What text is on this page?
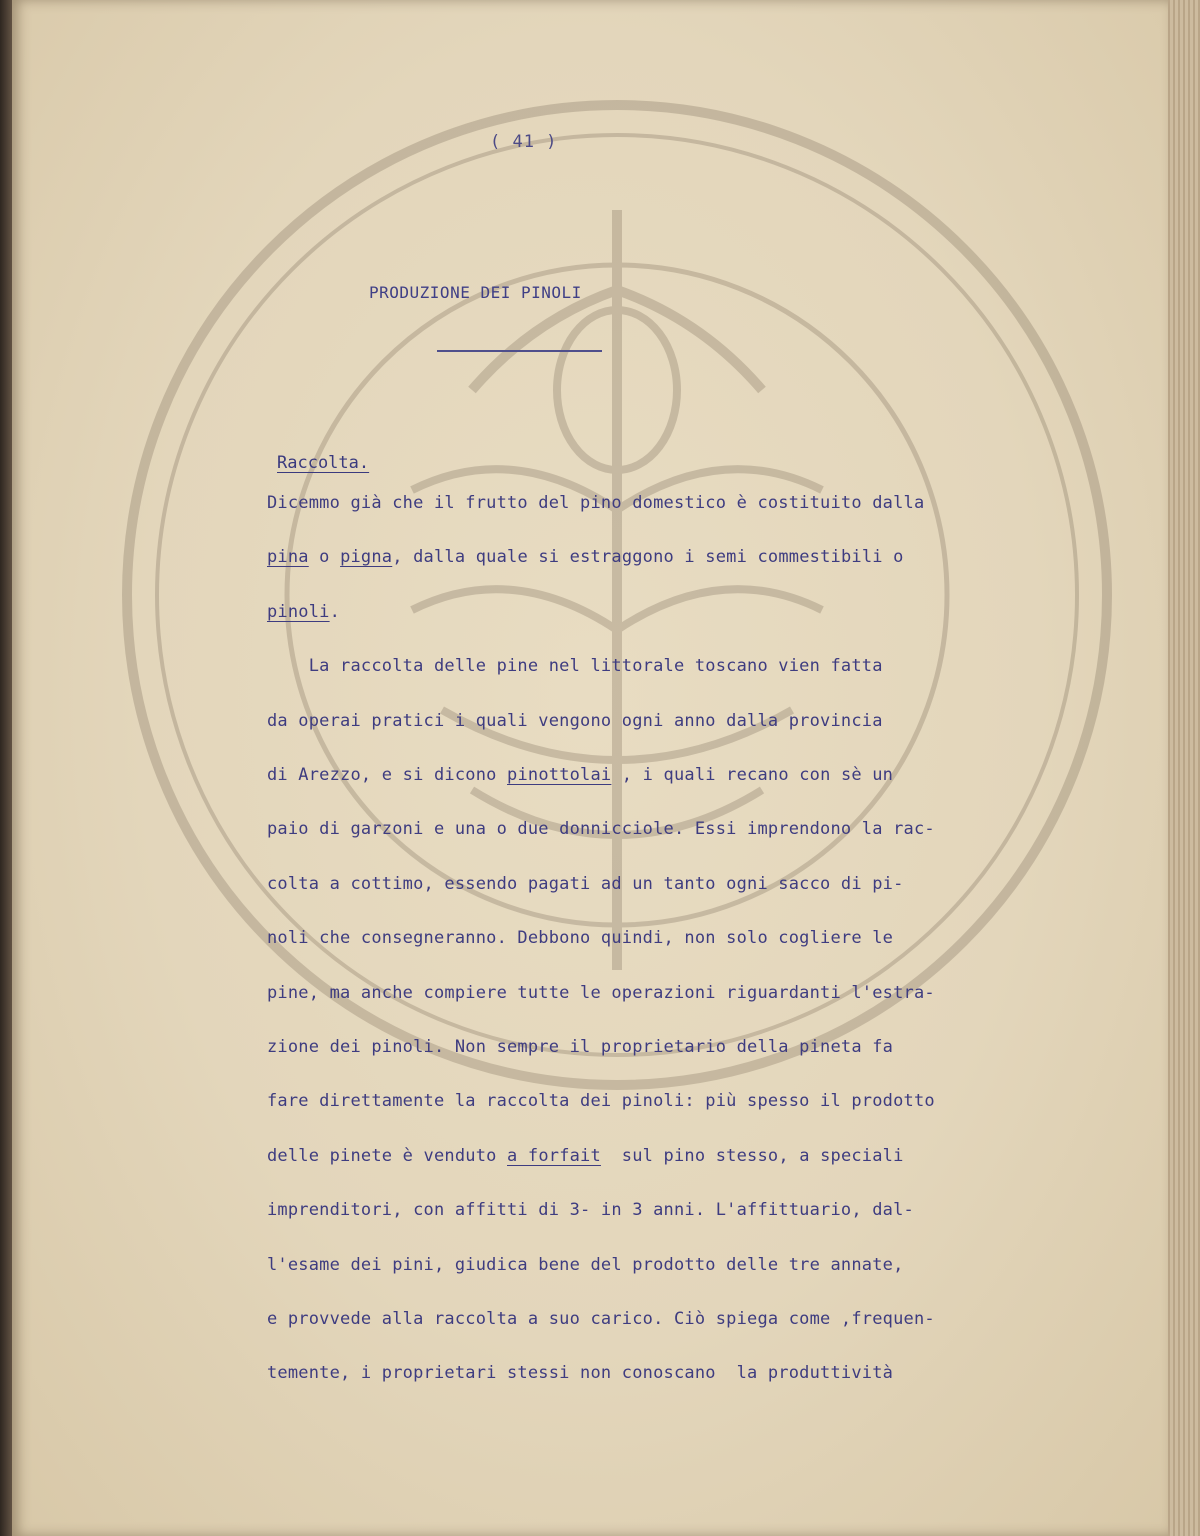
( 41 )
PRODUZIONE DEI PINOLI
Raccolta.
Dicemmo già che il frutto del pino domestico è costituito dalla
pina o pigna, dalla quale si estraggono i semi commestibili o
pinoli.
La raccolta delle pine nel littorale toscano vien fatta
da operai pratici i quali vengono ogni anno dalla provincia
di Arezzo, e si dicono pinottolai , i quali recano con sè un
paio di garzoni e una o due donnicciole. Essi imprendono la rac-
colta a cottimo, essendo pagati ad un tanto ogni sacco di pi-
noli che consegneranno. Debbono quindi, non solo cogliere le
pine, ma anche compiere tutte le operazioni riguardanti l'estra-
zione dei pinoli. Non sempre il proprietario della pineta fa
fare direttamente la raccolta dei pinoli: più spesso il prodotto
delle pinete è venduto a forfait  sul pino stesso, a speciali
imprenditori, con affitti di 3- in 3 anni. L'affittuario, dal-
l'esame dei pini, giudica bene del prodotto delle tre annate,
e provvede alla raccolta a suo carico. Ciò spiega come ,frequen-
temente, i proprietari stessi non conoscano  la produttività
